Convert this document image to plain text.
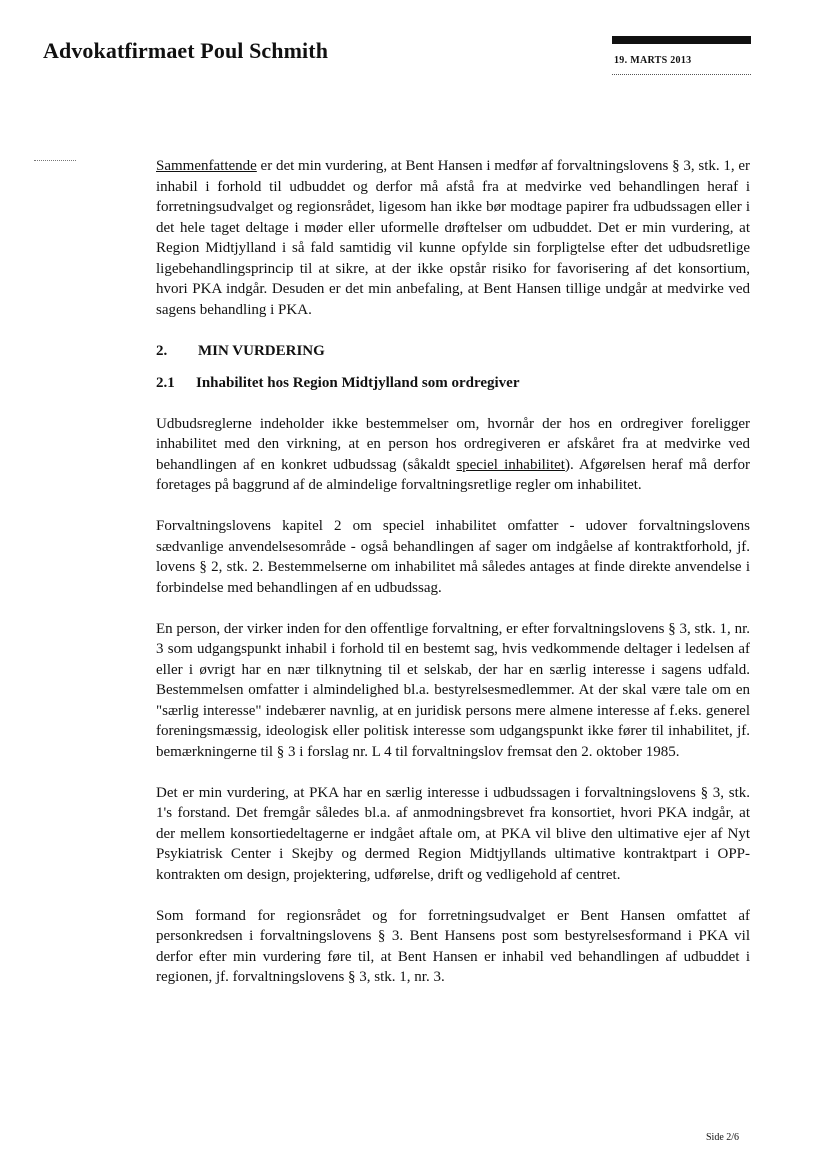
Advokatfirmaet Poul Schmith	19. MARTS 2013

Sammenfattende er det min vurdering, at Bent Hansen i medfør af forvaltningslovens § 3, stk. 1, er inhabil i forhold til udbuddet og derfor må afstå fra at medvirke ved behandlingen heraf i forretningsudvalget og regionsrådet, ligesom han ikke bør modtage papirer fra udbudssagen eller i det hele taget deltage i møder eller uformelle drøftelser om udbuddet. Det er min vurdering, at Region Midtjylland i så fald samtidig vil kunne opfylde sin forpligtelse efter det udbudsretlige ligebehandlingsprincip til at sikre, at der ikke opstår risiko for favorisering af det konsortium, hvori PKA indgår. Desuden er det min anbefaling, at Bent Hansen tillige undgår at medvirke ved sagens behandling i PKA.

2.	MIN VURDERING
2.1	Inhabilitet hos Region Midtjylland som ordregiver

Udbudsreglerne indeholder ikke bestemmelser om, hvornår der hos en ordregiver foreligger inhabilitet med den virkning, at en person hos ordregiveren er afskåret fra at medvirke ved behandlingen af en konkret udbudssag (såkaldt speciel inhabilitet). Afgørelsen heraf må derfor foretages på baggrund af de almindelige forvaltningsretlige regler om inhabilitet.

Forvaltningslovens kapitel 2 om speciel inhabilitet omfatter - udover forvaltningslovens sædvanlige anvendelsesområde - også behandlingen af sager om indgåelse af kontraktforhold, jf. lovens § 2, stk. 2. Bestemmelserne om inhabilitet må således antages at finde direkte anvendelse i forbindelse med behandlingen af en udbudssag.

En person, der virker inden for den offentlige forvaltning, er efter forvaltningslovens § 3, stk. 1, nr. 3 som udgangspunkt inhabil i forhold til en bestemt sag, hvis vedkommende deltager i ledelsen af eller i øvrigt har en nær tilknytning til et selskab, der har en særlig interesse i sagens udfald. Bestemmelsen omfatter i almindelighed bl.a. bestyrelsesmedlemmer. At der skal være tale om en "særlig interesse" indebærer navnlig, at en juridisk persons mere almene interesse af f.eks. generel foreningsmæssig, ideologisk eller politisk interesse som udgangspunkt ikke fører til inhabilitet, jf. bemærkningerne til § 3 i forslag nr. L 4 til forvaltningslov fremsat den 2. oktober 1985.

Det er min vurdering, at PKA har en særlig interesse i udbudssagen i forvaltningslovens § 3, stk. 1's forstand. Det fremgår således bl.a. af anmodningsbrevet fra konsortiet, hvori PKA indgår, at der mellem konsortiedeltagerne er indgået aftale om, at PKA vil blive den ultimative ejer af Nyt Psykiatrisk Center i Skejby og dermed Region Midtjyllands ultimative kontraktpart i OPP-kontrakten om design, projektering, udførelse, drift og vedligehold af centret.

Som formand for regionsrådet og for forretningsudvalget er Bent Hansen omfattet af personkredsen i forvaltningslovens § 3. Bent Hansens post som bestyrelsesformand i PKA vil derfor efter min vurdering føre til, at Bent Hansen er inhabil ved behandlingen af udbuddet i regionen, jf. forvaltningslovens § 3, stk. 1, nr. 3.

Side 2/6
